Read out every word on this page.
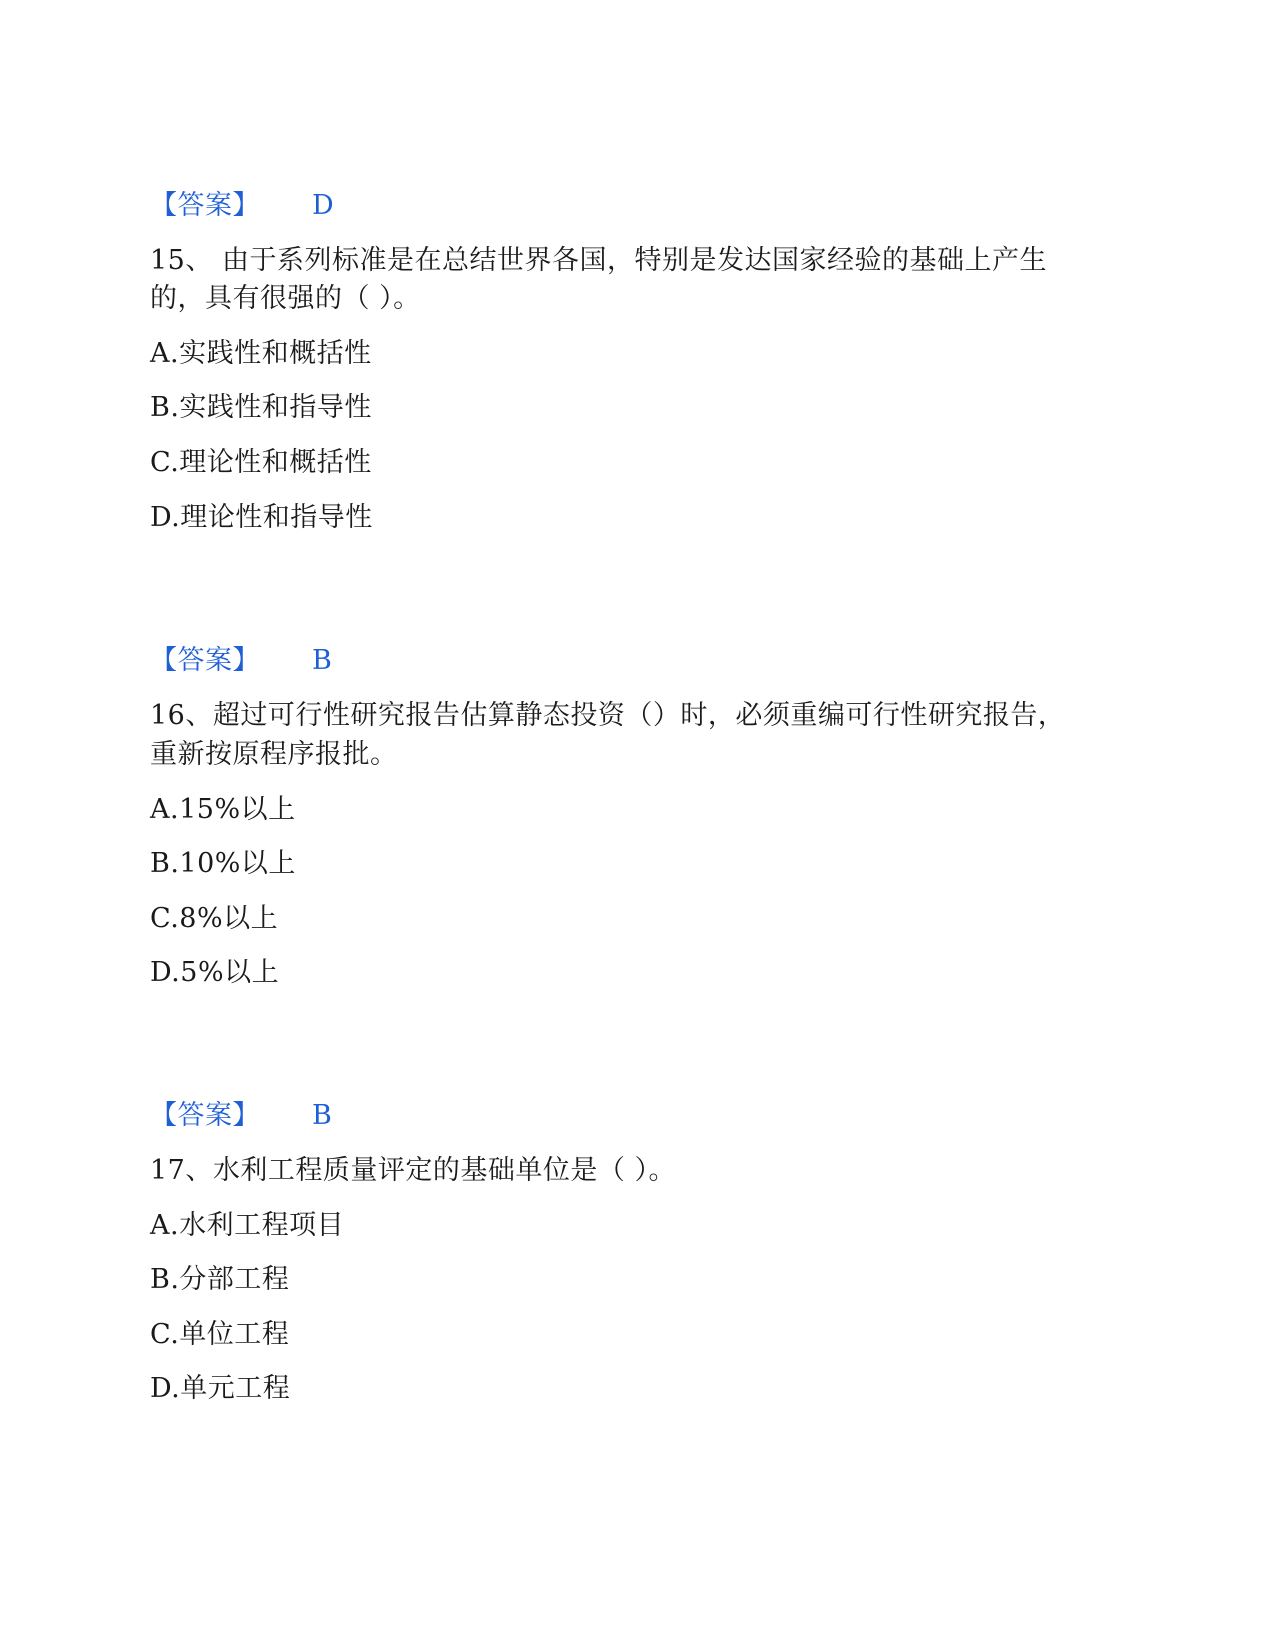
【答案】 D
15、 由于系列标准是在总结世界各国，特别是发达国家经验的基础上产生
的，具有很强的（ ）。
A.实践性和概括性
B.实践性和指导性
C.理论性和概括性
D.理论性和指导性
【答案】 B
16、超过可行性研究报告估算静态投资（）时，必须重编可行性研究报告，
重新按原程序报批。
A.15%以上
B.10%以上
C.8%以上
D.5%以上
【答案】 B
17、水利工程质量评定的基础单位是（ ）。
A.水利工程项目
B.分部工程
C.单位工程
D.单元工程
